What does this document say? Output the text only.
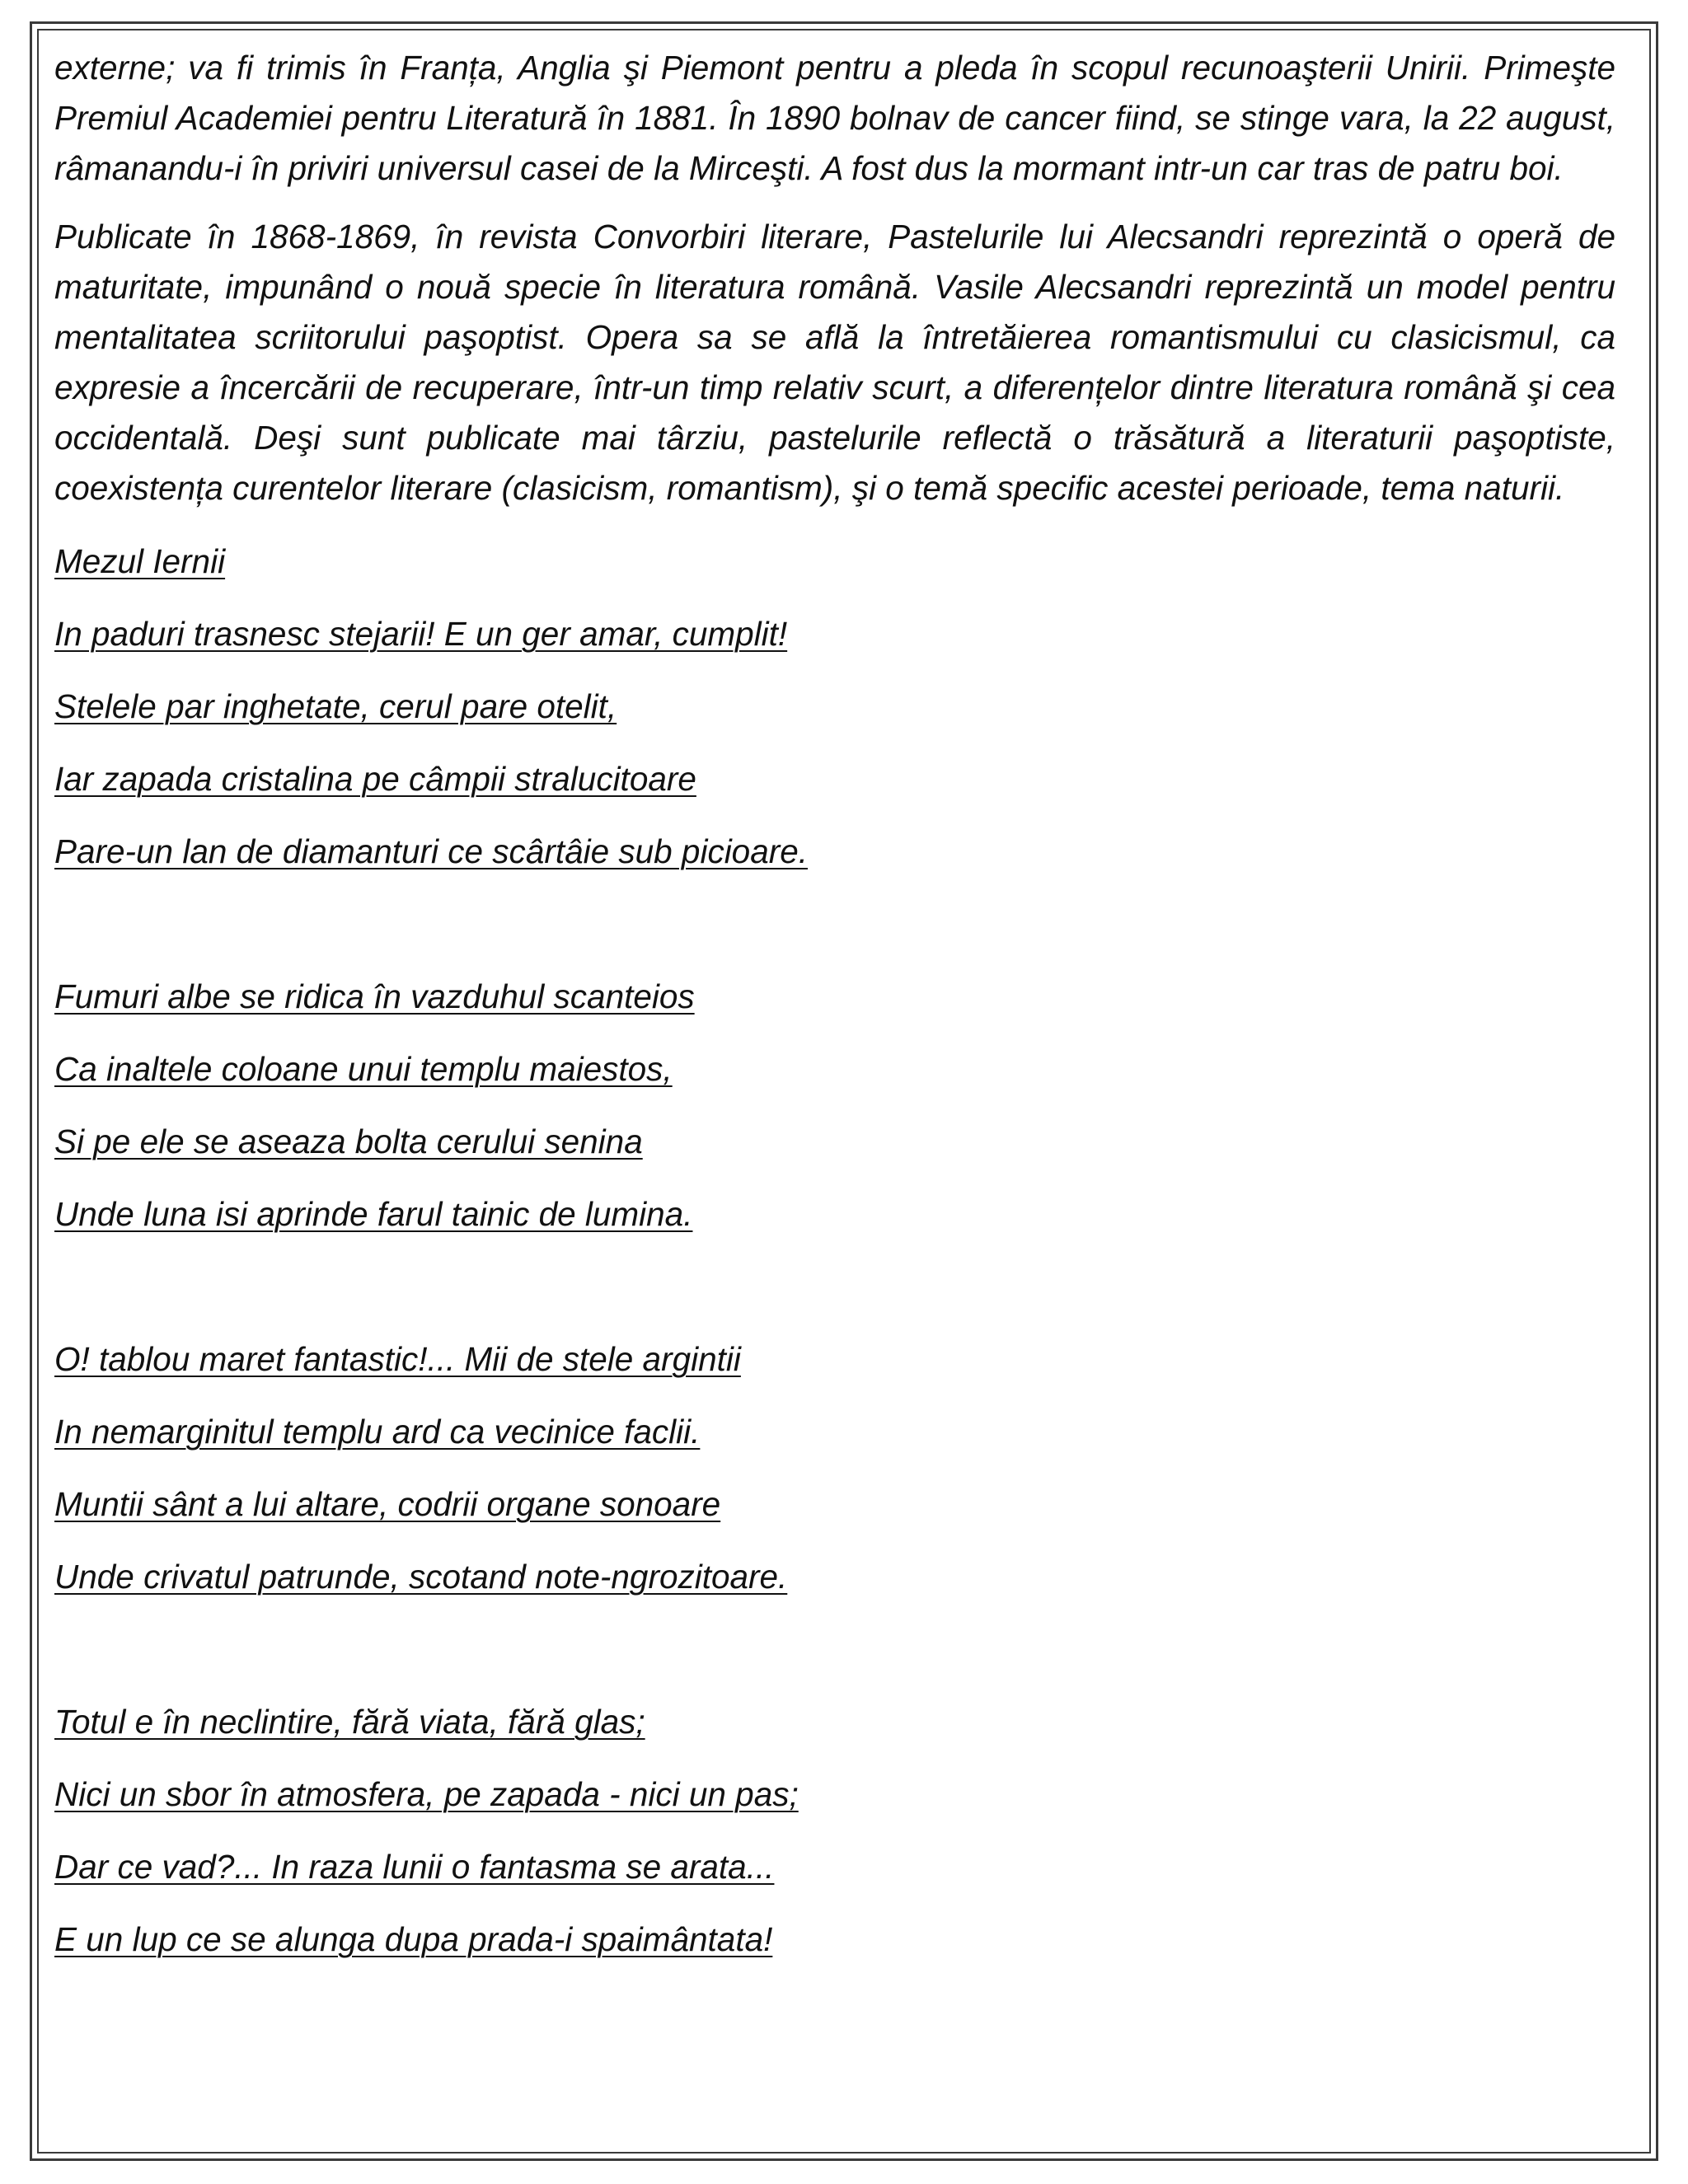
externe; va fi trimis în Franța, Anglia şi Piemont pentru a pleda în scopul recunoaşterii Unirii. Primeşte Premiul Academiei pentru Literatură în 1881. În 1890 bolnav de cancer fiind, se stinge vara, la 22 august, râmanandu-i în priviri universul casei de la Mirceşti. A fost dus la mormant intr-un car tras de patru boi.

Publicate în 1868-1869, în revista Convorbiri literare, Pastelurile lui Alecsandri reprezintă o operă de maturitate, impunând o nouă specie în literatura română. Vasile Alecsandri reprezintă un model pentru mentalitatea scriitorului paşoptist. Opera sa se află la întretăierea romantismului cu clasicismul, ca expresie a încercării de recuperare, într-un timp relativ scurt, a diferențelor dintre literatura română şi cea occidentală. Deşi sunt publicate mai târziu, pastelurile reflectă o trăsătură a literaturii paşoptiste, coexistența curentelor literare (clasicism, romantism), şi o temă specific acestei perioade, tema naturii.

Mezul Iernii
In paduri trasnesc stejarii! E un ger amar, cumplit!
Stelele par inghetate, cerul pare otelit,
Iar zapada cristalina pe câmpii stralucitoare
Pare-un lan de diamanturi ce scârtâie sub picioare.
Fumuri albe se ridica în vazduhul scanteios
Ca inaltele coloane unui templu maiestos,
Si pe ele se aseaza bolta cerului senina
Unde luna isi aprinde farul tainic de lumina.
O! tablou maret fantastic!... Mii de stele argintii
In nemarginitul templu ard ca vecinice faclii.
Muntii sânt a lui altare, codrii organe sonoare
Unde crivatul patrunde, scotand note-ngrozitoare.
Totul e în neclintire, fără viata, fără glas;
Nici un sbor în atmosfera, pe zapada - nici un pas;
Dar ce vad?... In raza lunii o fantasma se arata...
E un lup ce se alunga dupa prada-i spaimântata!
